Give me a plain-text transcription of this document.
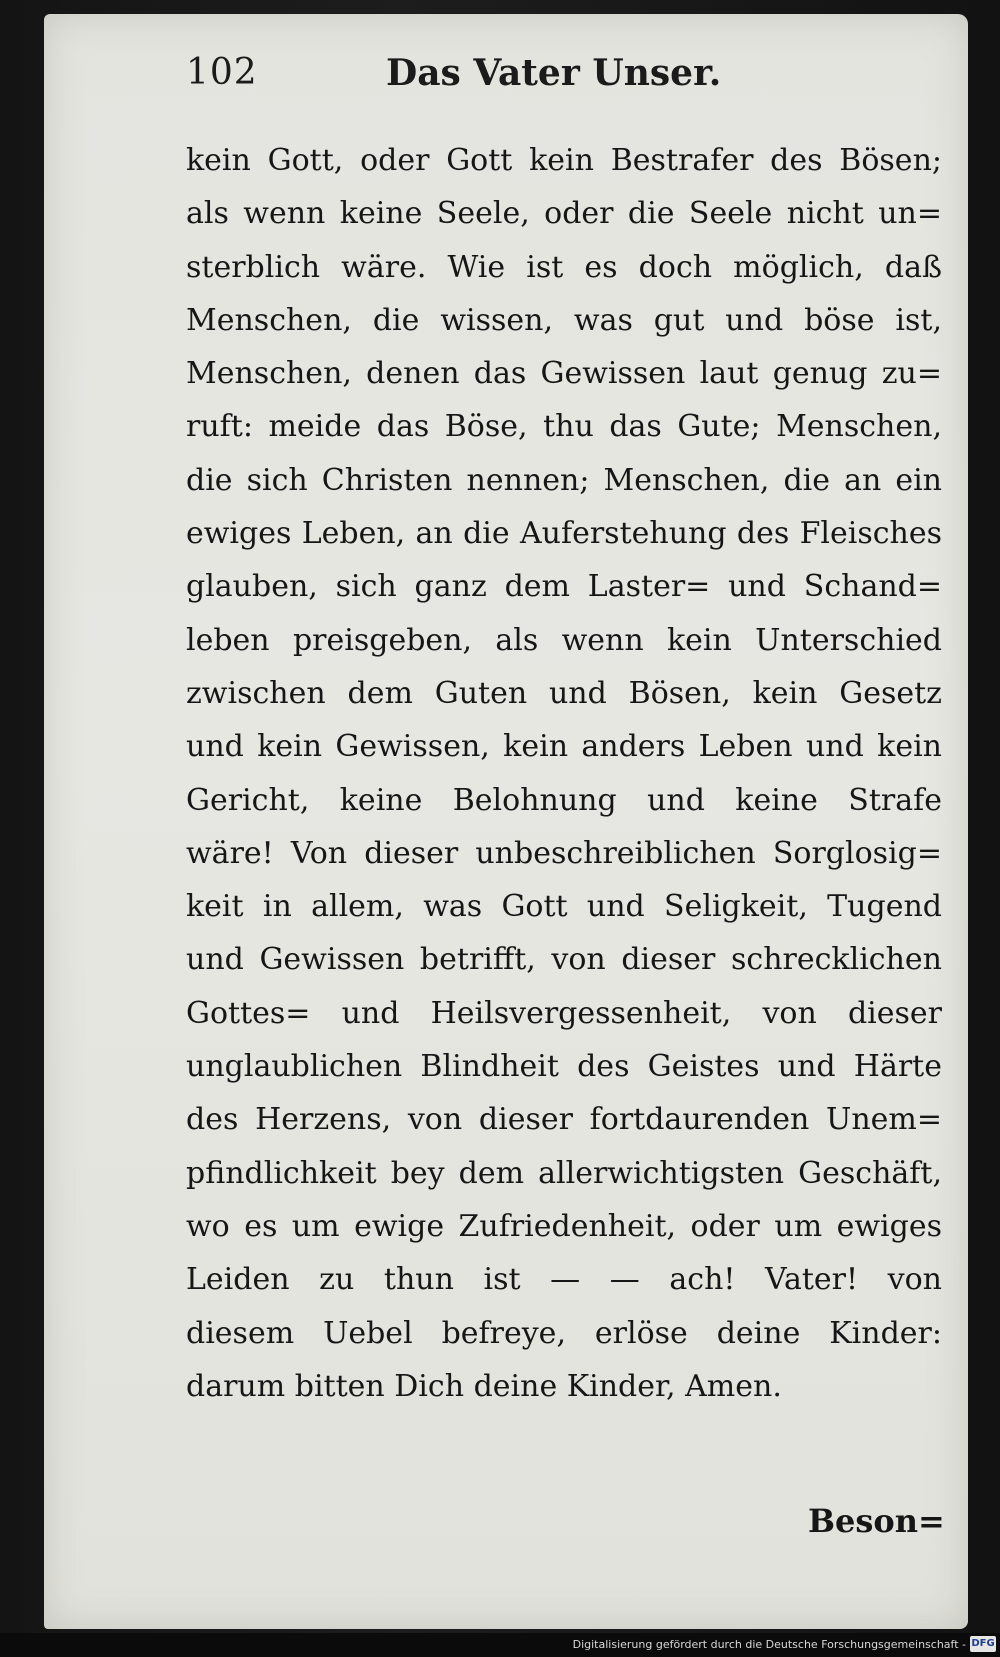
102	Das Vater Unser.
kein Gott, oder Gott kein Bestrafer des Bösen;
als wenn keine Seele, oder die Seele nicht un=
sterblich wäre. Wie ist es doch möglich, daß
Menschen, die wissen, was gut und böse ist,
Menschen, denen das Gewissen laut genug zu=
ruft: meide das Böse, thu das Gute; Menschen,
die sich Christen nennen; Menschen, die an ein
ewiges Leben, an die Auferstehung des Fleisches
glauben, sich ganz dem Laster= und Schand=
leben preisgeben, als wenn kein Unterschied
zwischen dem Guten und Bösen, kein Gesetz
und kein Gewissen, kein anders Leben und kein
Gericht, keine Belohnung und keine Strafe
wäre! Von dieser unbeschreiblichen Sorglosig=
keit in allem, was Gott und Seligkeit, Tugend
und Gewissen betrifft, von dieser schrecklichen
Gottes= und Heilsvergessenheit, von dieser
unglaublichen Blindheit des Geistes und Härte
des Herzens, von dieser fortdaurenden Unem=
pfindlichkeit bey dem allerwichtigsten Geschäft,
wo es um ewige Zufriedenheit, oder um ewiges
Leiden zu thun ist — — ach! Vater! von
diesem Uebel befreye, erlöse deine Kinder:
darum bitten Dich deine Kinder, Amen.
Beson=
Digitalisierung gefördert durch die Deutsche Forschungsgemeinschaft - DFG
